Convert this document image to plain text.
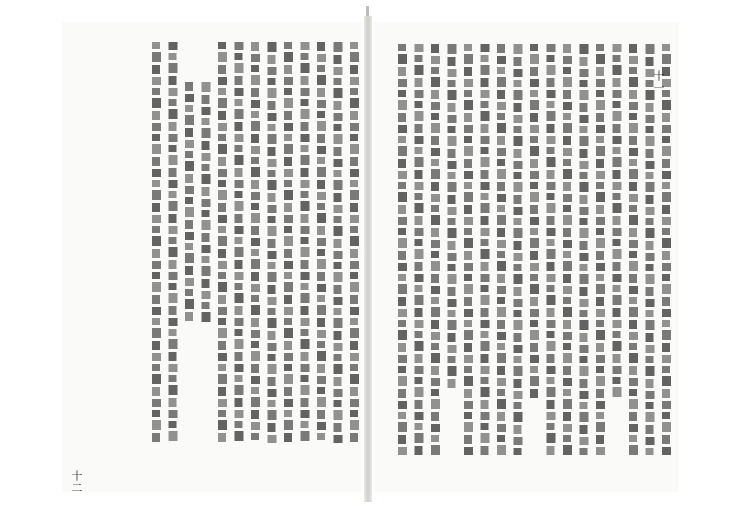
十二
十一
